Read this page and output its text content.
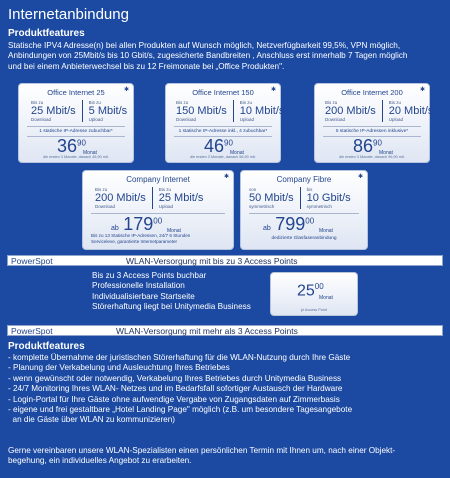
Internetanbindung
Produktfeatures
Statische IPV4 Adresse(n) bei allen Produkten auf Wunsch möglich, Netzverfügbarkeit 99,5%, VPN möglich,
Anbindungen von 25Mbit/s bis 10 Gbit/s, zugesicherte Bandbreiten , Anschluss erst innerhalb 7 Tagen möglich
und bei einem Anbieterwechsel bis zu 12 Freimonate bei „Office Produkten".
✱
Office Internet 25
Bis zu
25 Mbit/s
Download
Bis zu
5 Mbit/s
Upload
1 statische IP-Adresse zubuchbar*
$36^{90}$
Monat
die ersten 3 Monate, danach 46,90 mtl.
✱
Office Internet 150
Bis zu
150 Mbit/s
Download
Bis zu
10 Mbit/s
Upload
1 statische IP-Adresse inkl., 4 zubuchbar*
$46^{90}$
Monat
die ersten 3 Monate, danach 56,90 mtl.
✱
Office Internet 200
Bis zu
200 Mbit/s
Download
Bis zu
20 Mbit/s
Upload
5 statische IP-Adressen inklusive*
$86^{90}$
Monat
die ersten 3 Monate, danach 96,90 mtl.
✱
Company Internet
Bis zu
200 Mbit/s
Download
Bis zu
25 Mbit/s
Upload
ab $179^{00}$
Monat
Bis zu 13 Statische IP-Adressen, 24/7 6 Stunden
Serviceleve, garantierte Internetparameter
✱
Company Fibre
von
50 Mbit/s
symmetrisch
bis
10 Gbit/s
symmetrisch
ab $799^{00}$
Monat
dedizierte Glasfaseranbindung
PowerSpot	WLAN-Versorgung mit bis zu 3 Access Points
Bis zu 3 Access Points buchbar
Professionelle Installation
Individualisierbare Startseite
Störerhaftung liegt bei Unitymedia Business
$25^{00}$
Monat
je Access Point
PowerSpot	WLAN-Versorgung mit mehr als 3 Access Points
Produktfeatures
- komplette Übernahme der juristischen Störerhaftung für die WLAN-Nutzung durch Ihre Gäste
- Planung der Verkabelung und Ausleuchtung Ihres Betriebes
- wenn gewünscht oder notwendig, Verkabelung Ihres Betriebes durch Unitymedia Business
- 24/7 Monitoring Ihres WLAN- Netzes und im Bedarfsfall sofortiger Austausch der Hardware
- Login-Portal für Ihre Gäste ohne aufwendige Vergabe von Zugangsdaten auf Zimmerbasis
- eigene und frei gestaltbare „Hotel Landing Page" möglich (z.B. um besondere Tagesangebote
an die Gäste über WLAN zu kommunizieren)
Gerne vereinbaren unsere WLAN-Spezialisten einen persönlichen Termin mit Ihnen um, nach einer Objekt-
begehung, ein individuelles Angebot zu erarbeiten.
